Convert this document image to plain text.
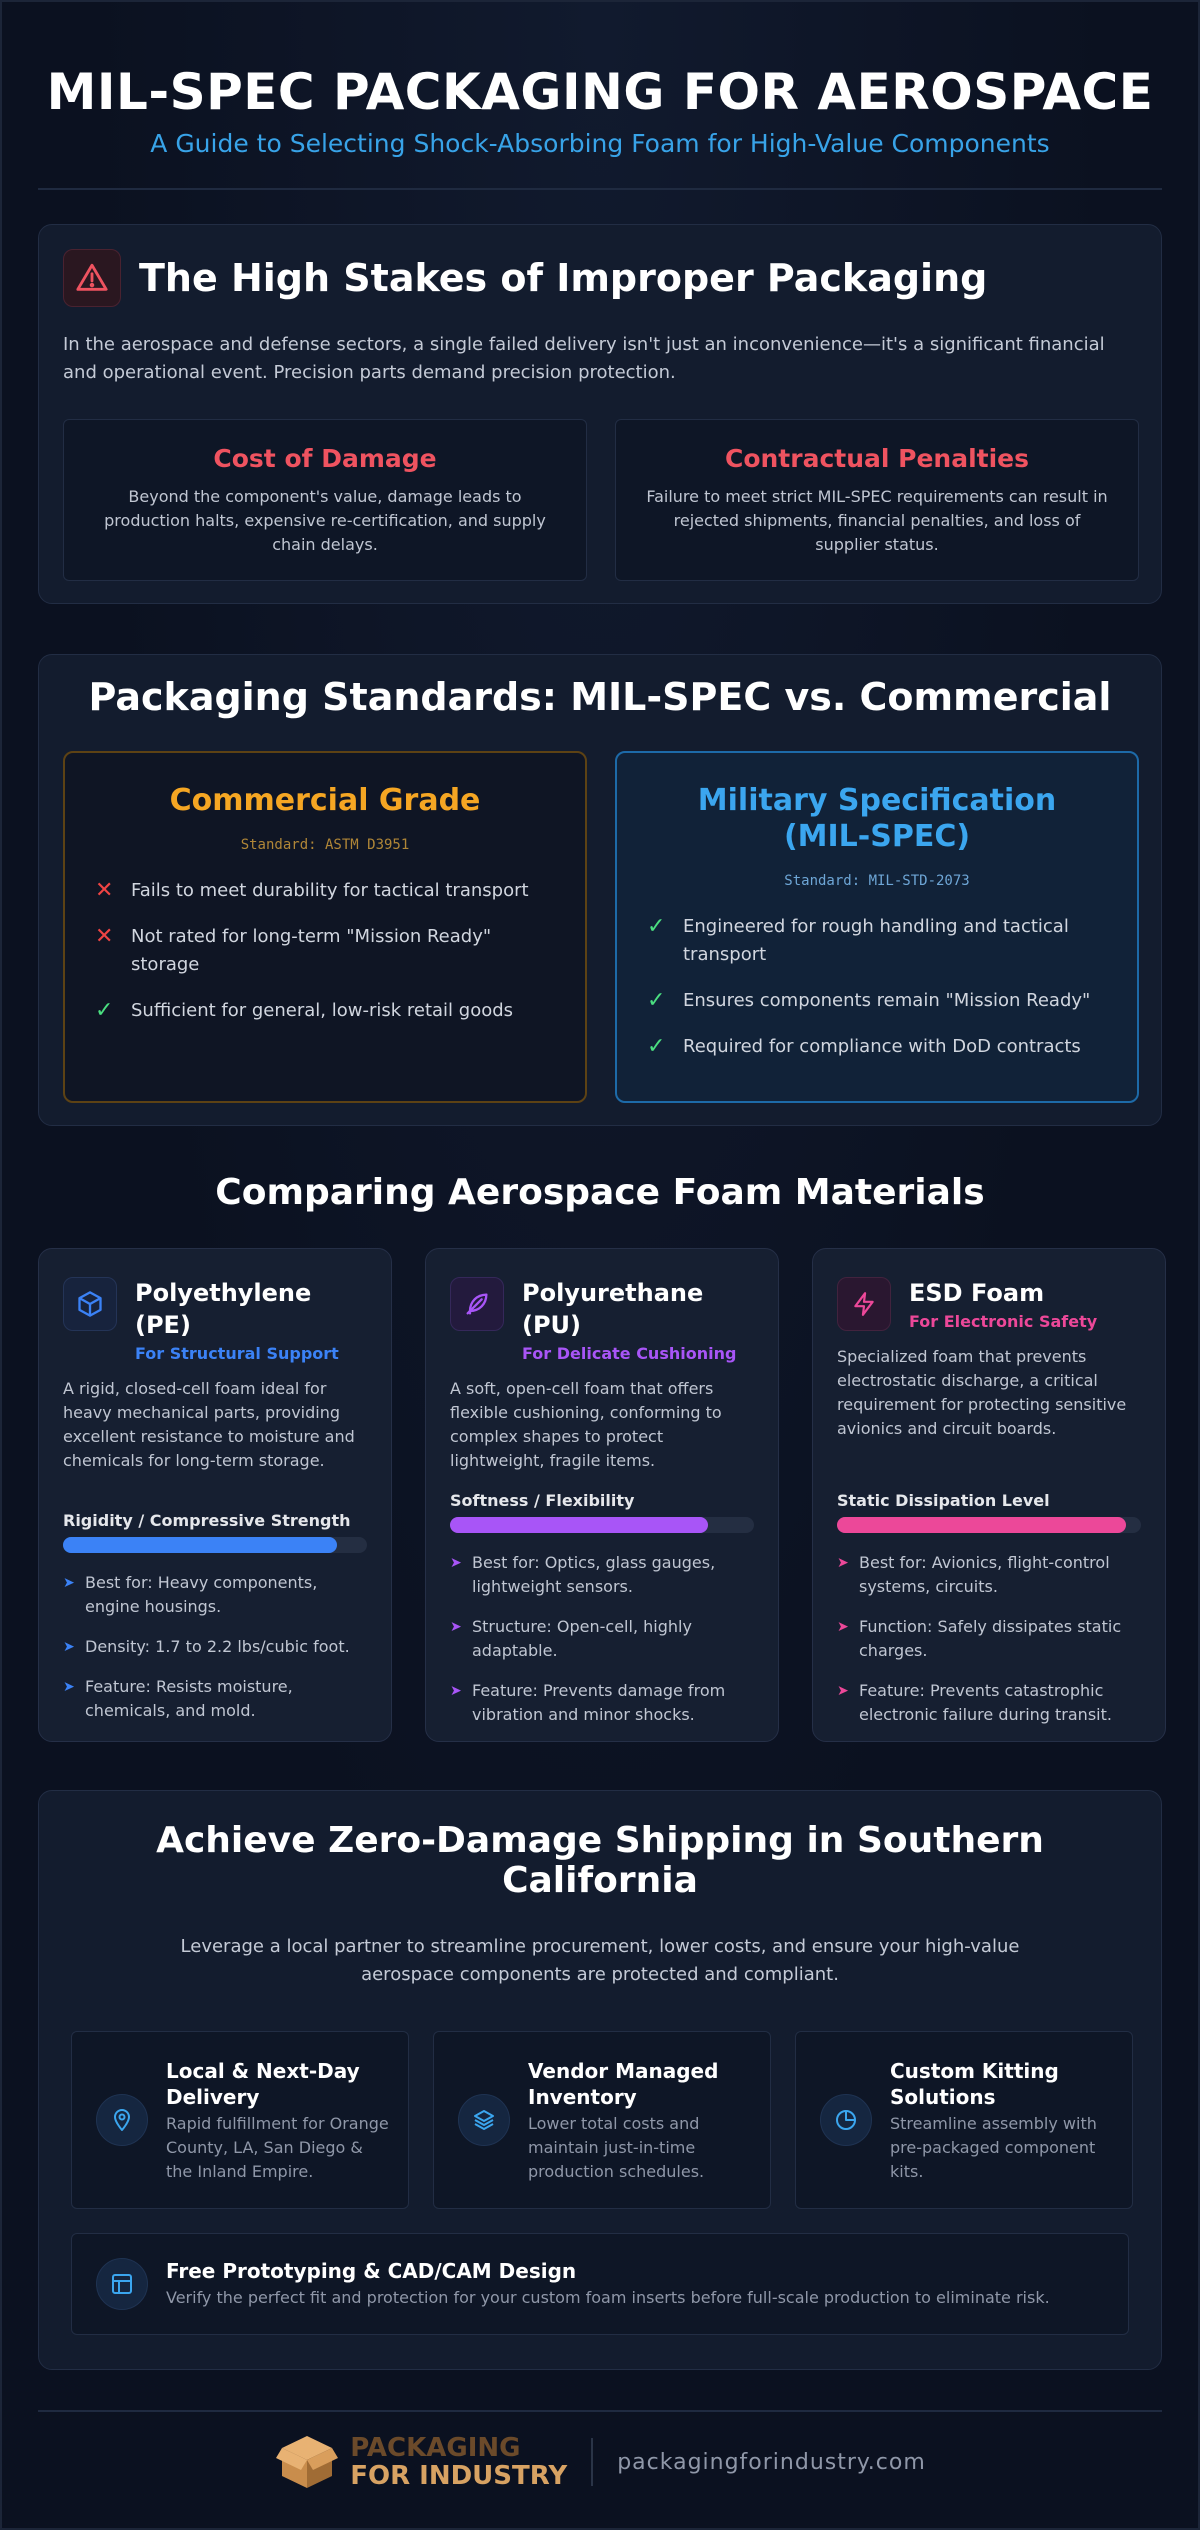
MIL-SPEC PACKAGING FOR AEROSPACE
A Guide to Selecting Shock-Absorbing Foam for High-Value Components
The High Stakes of Improper Packaging

In the aerospace and defense sectors, a single failed delivery isn't just an inconvenience—it's a significant financial and operational event. Precision parts demand precision protection.

Cost of Damage

Beyond the component's value, damage leads to production halts, expensive re-certification, and supply chain delays.

Contractual Penalties

Failure to meet strict MIL-SPEC requirements can result in rejected shipments, financial penalties, and loss of supplier status.

Packaging Standards: MIL-SPEC vs. Commercial
Commercial Grade
Standard: ASTM D3951
✕ Fails to meet durability for tactical transport
✕ Not rated for long-term "Mission Ready" storage
✓ Sufficient for general, low-risk retail goods
Military Specification (MIL-SPEC)
Standard: MIL-STD-2073
✓ Engineered for rough handling and tactical transport
✓ Ensures components remain "Mission Ready"
✓ Required for compliance with DoD contracts
Comparing Aerospace Foam Materials
Polyethylene (PE)
For Structural Support

A rigid, closed-cell foam ideal for heavy mechanical parts, providing excellent resistance to moisture and chemicals for long-term storage.

Rigidity / Compressive Strength
➤ Best for: Heavy components, engine housings.
➤ Density: 1.7 to 2.2 lbs/cubic foot.
➤ Feature: Resists moisture, chemicals, and mold.
Polyurethane (PU)
For Delicate Cushioning

A soft, open-cell foam that offers flexible cushioning, conforming to complex shapes to protect lightweight, fragile items.

Softness / Flexibility
➤ Best for: Optics, glass gauges, lightweight sensors.
➤ Structure: Open-cell, highly adaptable.
➤ Feature: Prevents damage from vibration and minor shocks.
ESD Foam
For Electronic Safety

Specialized foam that prevents electrostatic discharge, a critical requirement for protecting sensitive avionics and circuit boards.

Static Dissipation Level
➤ Best for: Avionics, flight-control systems, circuits.
➤ Function: Safely dissipates static charges.
➤ Feature: Prevents catastrophic electronic failure during transit.
Achieve Zero-Damage Shipping in Southern California

Leverage a local partner to streamline procurement, lower costs, and ensure your high-value aerospace components are protected and compliant.

Local & Next-Day Delivery

Rapid fulfillment for Orange County, LA, San Diego & the Inland Empire.

Vendor Managed Inventory

Lower total costs and maintain just-in-time production schedules.

Custom Kitting Solutions

Streamline assembly with pre-packaged component kits.

Free Prototyping & CAD/CAM Design

Verify the perfect fit and protection for your custom foam inserts before full-scale production to eliminate risk.

PACKAGING
FOR INDUSTRY packagingforindustry.com
